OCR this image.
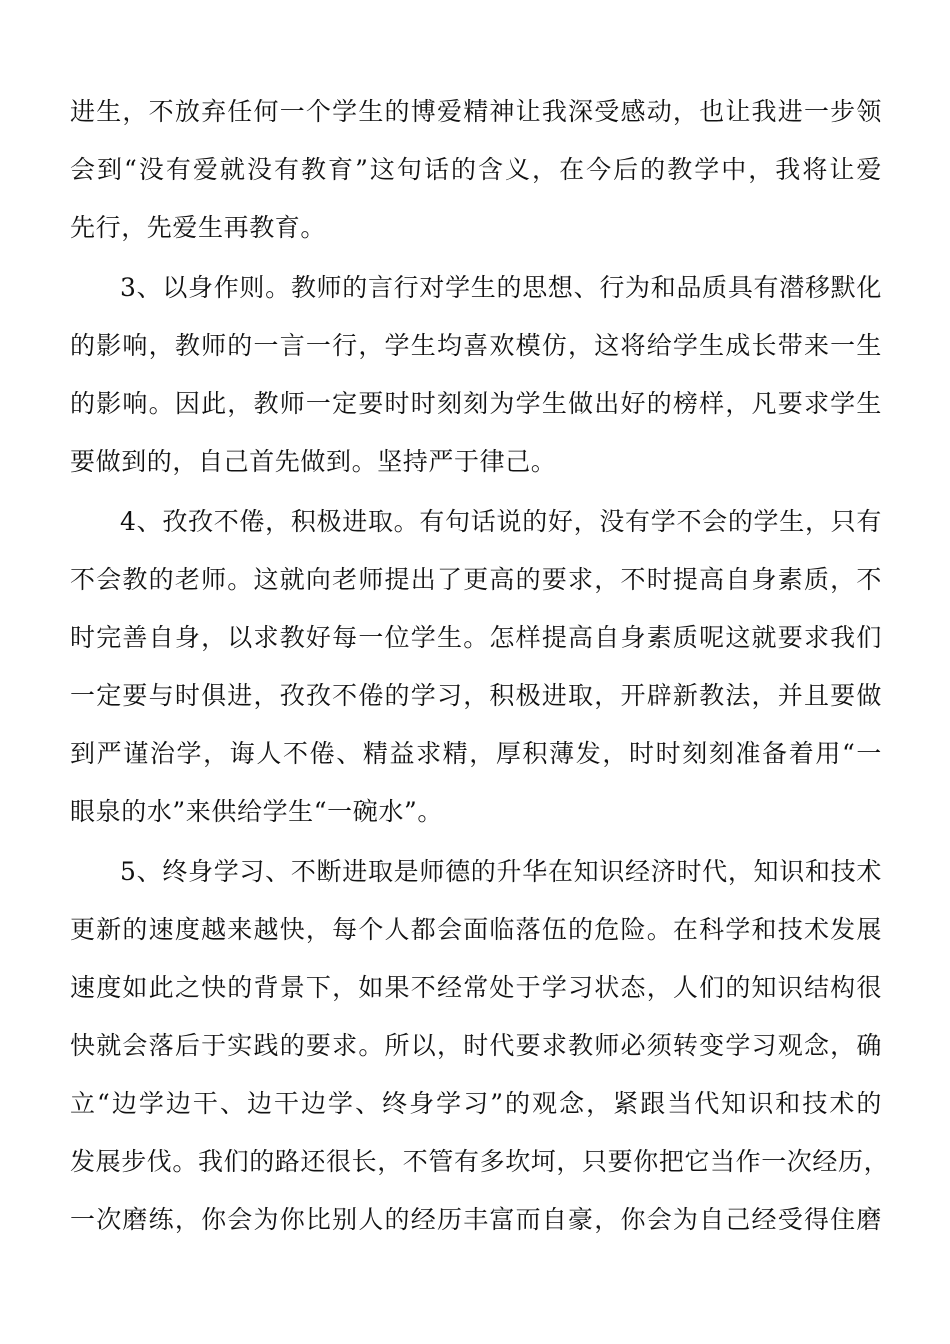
进生，不放弃任何一个学生的博爱精神让我深受感动，也让我进一步领
会到“没有爱就没有教育”这句话的含义，在今后的教学中，我将让爱
先行，先爱生再教育。
3、以身作则。教师的言行对学生的思想、行为和品质具有潜移默化
的影响，教师的一言一行，学生均喜欢模仿，这将给学生成长带来一生
的影响。因此，教师一定要时时刻刻为学生做出好的榜样，凡要求学生
要做到的，自己首先做到。坚持严于律己。
4、孜孜不倦，积极进取。有句话说的好，没有学不会的学生，只有
不会教的老师。这就向老师提出了更高的要求，不时提高自身素质，不
时完善自身，以求教好每一位学生。怎样提高自身素质呢这就要求我们
一定要与时俱进，孜孜不倦的学习，积极进取，开辟新教法，并且要做
到严谨治学，诲人不倦、精益求精，厚积薄发，时时刻刻准备着用“一
眼泉的水”来供给学生“一碗水”。
5、终身学习、不断进取是师德的升华在知识经济时代，知识和技术
更新的速度越来越快，每个人都会面临落伍的危险。在科学和技术发展
速度如此之快的背景下，如果不经常处于学习状态，人们的知识结构很
快就会落后于实践的要求。所以，时代要求教师必须转变学习观念，确
立“边学边干、边干边学、终身学习”的观念，紧跟当代知识和技术的
发展步伐。我们的路还很长，不管有多坎坷，只要你把它当作一次经历，
一次磨练，你会为你比别人的经历丰富而自豪，你会为自己经受得住磨
